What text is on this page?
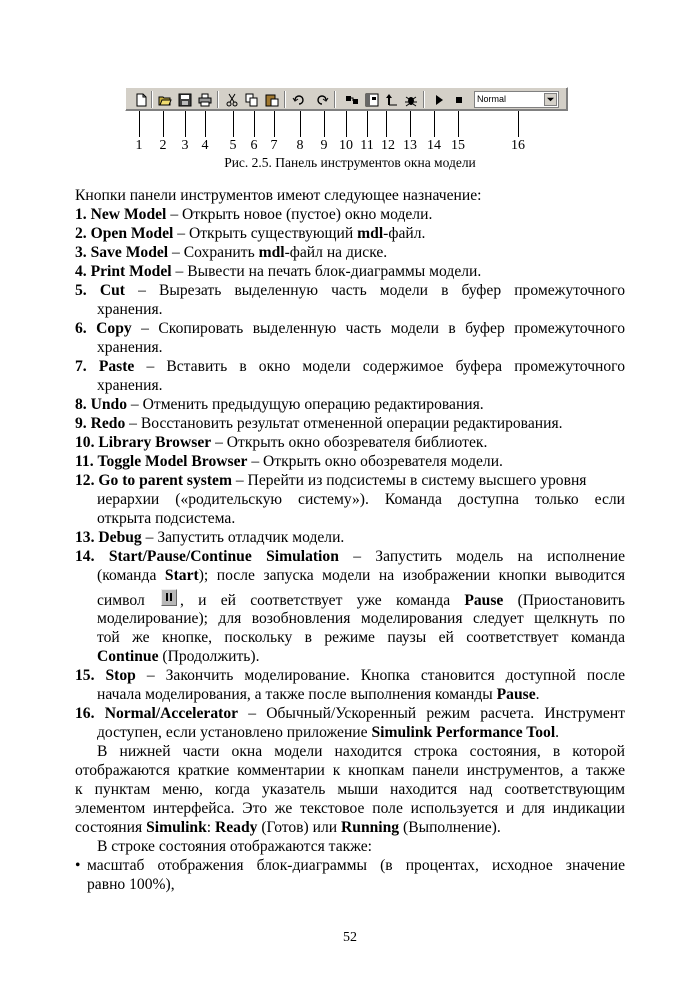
Normal
1	2	3 4	5	6 7	8	9 10 11 12 13 14 15	16
Рис. 2.5. Панель инструментов окна модели
Кнопки панели инструментов имеют следующее назначение:
1. New Model – Открыть новое (пустое) окно модели.
2. Open Model – Открыть существующий mdl-файл.
3. Save Model – Сохранить mdl-файл на диске.
4. Print Model – Вывести на печать блок-диаграммы модели.
5. Cut – Вырезать выделенную часть модели в буфер промежуточного
хранения.
6. Copy – Скопировать выделенную часть модели в буфер промежуточного
хранения.
7. Paste – Вставить в окно модели содержимое буфера промежуточного
хранения.
8. Undo – Отменить предыдущую операцию редактирования.
9. Redo – Восстановить результат отмененной операции редактирования.
10. Library Browser – Открыть окно обозревателя библиотек.
11. Toggle Model Browser – Открыть окно обозревателя модели.
12. Go to parent system – Перейти из подсистемы в систему высшего уровня
иерархии («родительскую систему»). Команда доступна только если
открыта подсистема.
13. Debug – Запустить отладчик модели.
14. Start/Pause/Continue Simulation – Запустить модель на исполнение
(команда Start); после запуска модели на изображении кнопки выводится
символ , и ей соответствует уже команда Pause (Приостановить
моделирование); для возобновления моделирования следует щелкнуть по
той же кнопке, поскольку в режиме паузы ей соответствует команда
Continue (Продолжить).
15. Stop – Закончить моделирование. Кнопка становится доступной после
начала моделирования, а также после выполнения команды Pause.
16. Normal/Accelerator – Обычный/Ускоренный режим расчета. Инструмент
доступен, если установлено приложение Simulink Performance Tool.
В нижней части окна модели находится строка состояния, в которой
отображаются краткие комментарии к кнопкам панели инструментов, а также
к пунктам меню, когда указатель мыши находится над соответствующим
элементом интерфейса. Это же текстовое поле используется и для индикации
состояния Simulink: Ready (Готов) или Running (Выполнение).
В строке состояния отображаются также:
• масштаб отображения блок-диаграммы (в процентах, исходное значение
равно 100%),
52
